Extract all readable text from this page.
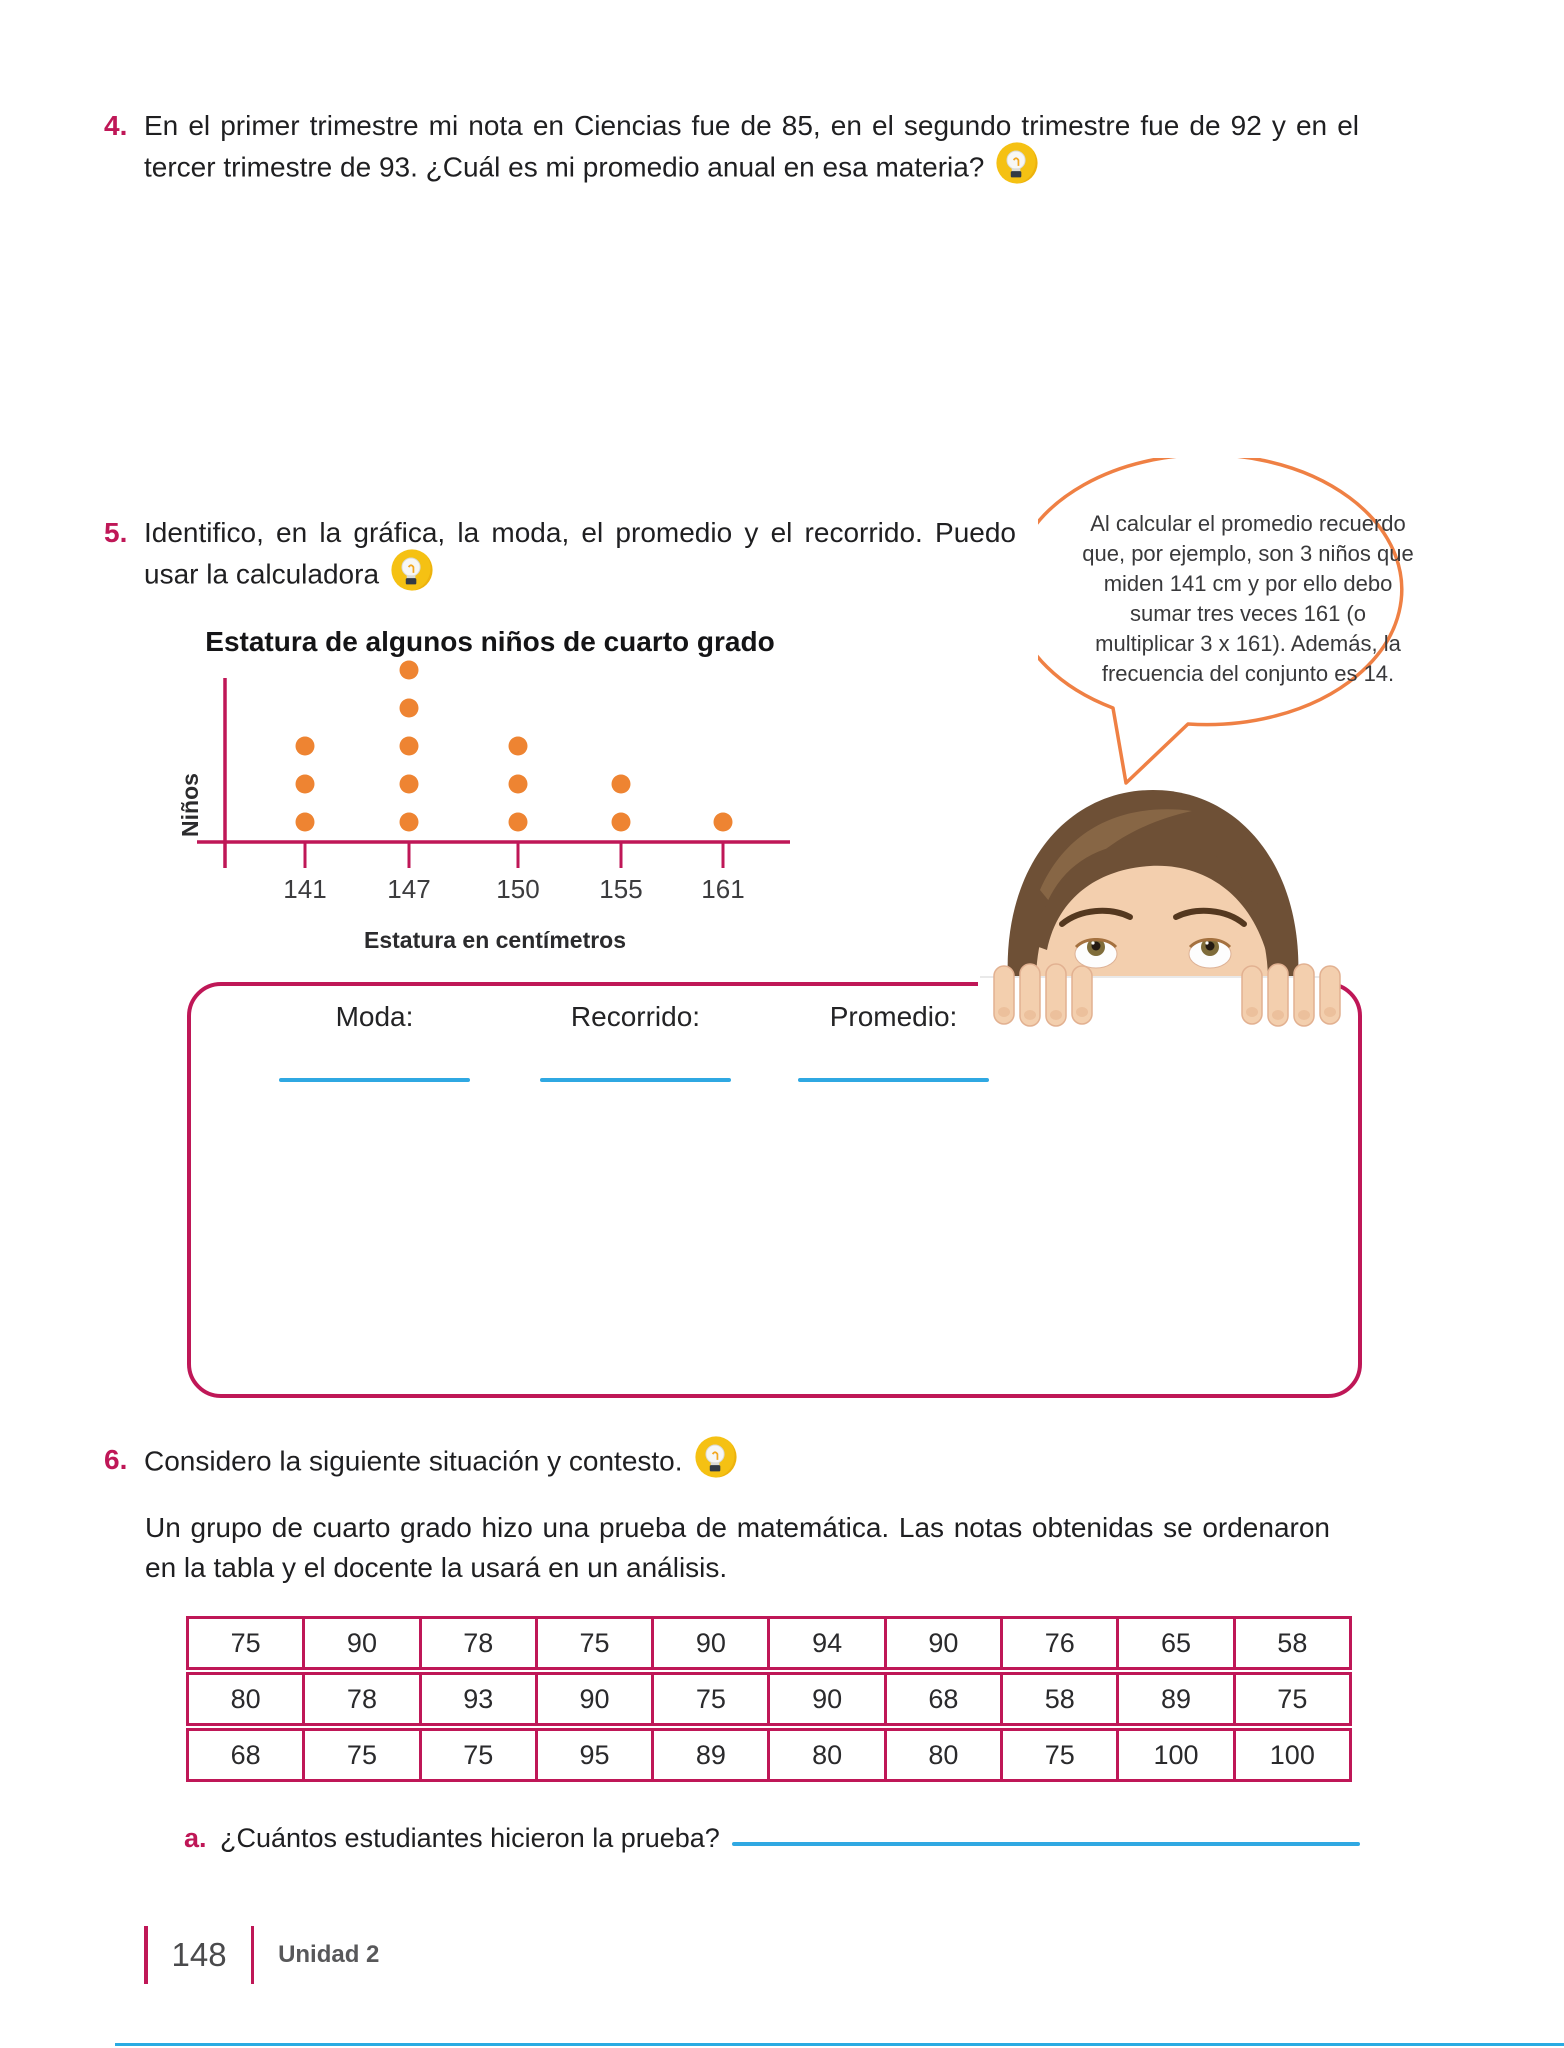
4. En el primer trimestre mi nota en Ciencias fue de 85, en el segundo trimestre fue de 92 y en el tercer trimestre de 93. ¿Cuál es mi promedio anual en esa materia?

5. Identifico, en la gráfica, la moda, el promedio y el recorrido. Puedo usar la calculadora

Al calcular el promedio recuerdo que, por ejemplo, son 3 niños que miden 141 cm y por ello debo sumar tres veces 161 (o multiplicar 3 x 161). Además, la frecuencia del conjunto es 14.
Estatura de algunos niños de cuarto grado
Niños
Estatura en centímetros
141 147	150 155 161
Moda:	Recorrido:	Promedio:
6. Considero la siguiente situación y contesto.

Un grupo de cuarto grado hizo una prueba de matemática. Las notas obtenidas se ordenaron en la tabla y el docente la usará en un análisis.

75	90	78	75	90	94	90	76	65	58
80	78	93	90	75	90	68	58	89	75
68	75	75	95	89	80	80	75	100	100
a. ¿Cuántos estudiantes hicieron la prueba?
148	Unidad 2
